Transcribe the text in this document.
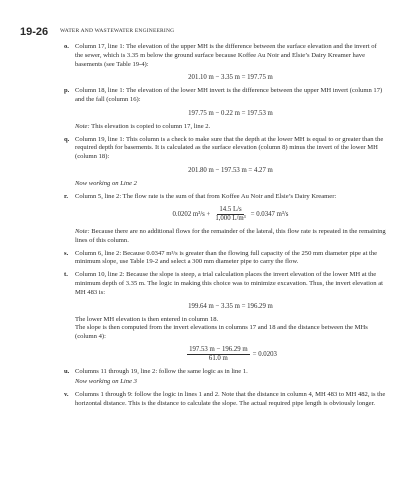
19-26 WATER AND WASTEWATER ENGINEERING
o. Column 17, line 1: The elevation of the upper MH is the difference between the surface elevation and the invert of the sewer, which is 3.35 m below the ground surface because Koffee Au Noir and Elsie’s Dairy Kreamer have basements (see Table 19-4):

201.10 m − 3.35 m = 197.75 m
p. Column 18, line 1: The elevation of the lower MH invert is the difference between the upper MH invert (column 17) and the fall (column 16):

197.75 m − 0.22 m = 197.53 m

Note: This elevation is copied to column 17, line 2.

q. Column 19, line 1: This column is a check to make sure that the depth at the lower MH is equal to or greater than the required depth for basements. It is calculated as the surface elevation (column 8) minus the invert of the lower MH (column 18):

201.80 m − 197.53 m = 4.27 m
Now working on Line 2
r. Column 5, line 2: The flow rate is the sum of that from Koffee Au Noir and Elsie’s Dairy Kreamer:

0.0202 $m^3/s + \frac{14.5 L/s}{\text{1,000 L/m³}} = 0.0347$ m³/s

Note: Because there are no additional flows for the remainder of the lateral, this flow rate is repeated in the remaining lines of this column.

s. Column 6, line 2: Because 0.0347 m³/s is greater than the flowing full capacity of the 250 mm diameter pipe at the minimum slope, use Table 19-2 and select a 300 mm diameter pipe to carry the flow.

t. Column 10, line 2: Because the slope is steep, a trial calculation places the invert elevation of the lower MH at the minimum depth of 3.35 m. The logic in making this choice was to minimize excavation. Thus, the invert elevation at MH 483 is:

199.64 m − 3.35 m = 196.29 m

The lower MH elevation is then entered in column 18.

The slope is then computed from the invert elevations in columns 17 and 18 and the distance between the MHs (column 4):

$\frac{197.53 m - 196.29 m}{61.0 m} = 0.0203$
u. Columns 11 through 19, line 2: follow the same logic as in line 1.

Now working on Line 3
v. Columns 1 through 9: follow the logic in lines 1 and 2. Note that the distance in column 4, MH 483 to MH 482, is the horizontal distance. This is the distance to calculate the slope. The actual required pipe length is obviously longer.
